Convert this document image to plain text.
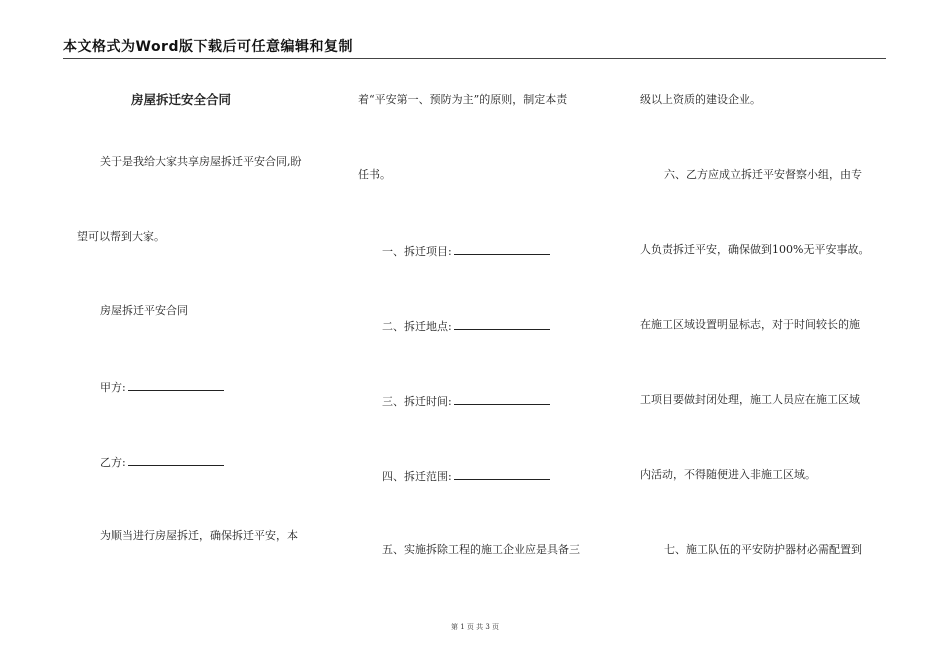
本文格式为Word版下载后可任意编辑和复制
房屋拆迁安全合同
关于是我给大家共享房屋拆迁平安合同,盼
望可以帮到大家。
房屋拆迁平安合同
甲方:
乙方:
为顺当进行房屋拆迁，确保拆迁平安，本
着“平安第一、预防为主”的原则，制定本责
任书。
一、拆迁项目:
二、拆迁地点:
三、拆迁时间:
四、拆迁范围:
五、实施拆除工程的施工企业应是具备三
级以上资质的建设企业。
六、乙方应成立拆迁平安督察小组，由专
人负责拆迁平安，确保做到100%无平安事故。
在施工区域设置明显标志，对于时间较长的施
工项目要做封闭处理，施工人员应在施工区域
内活动，不得随便进入非施工区域。
七、施工队伍的平安防护器材必需配置到
第 1 页 共 3 页
